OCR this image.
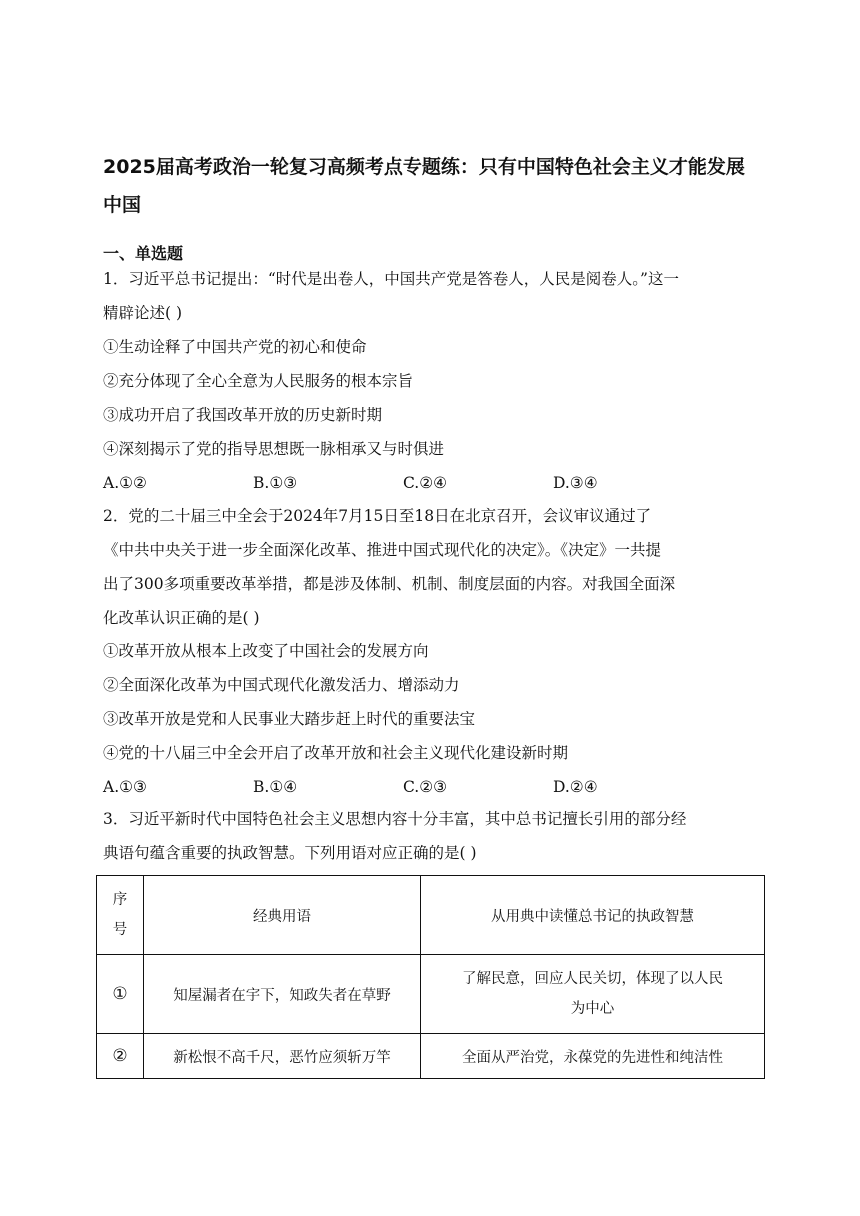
2025届高考政治一轮复习高频考点专题练：只有中国特色社会主义才能发展中国
一、单选题
1．习近平总书记提出：“时代是出卷人，中国共产党是答卷人，人民是阅卷人。”这一
精辟论述( )
①生动诠释了中国共产党的初心和使命
②充分体现了全心全意为人民服务的根本宗旨
③成功开启了我国改革开放的历史新时期
④深刻揭示了党的指导思想既一脉相承又与时俱进
A.①②	B.①③	C.②④	D.③④
2．党的二十届三中全会于2024年7月15日至18日在北京召开，会议审议通过了
《中共中央关于进一步全面深化改革、推进中国式现代化的决定》。《决定》一共提
出了300多项重要改革举措，都是涉及体制、机制、制度层面的内容。对我国全面深
化改革认识正确的是( )
①改革开放从根本上改变了中国社会的发展方向
②全面深化改革为中国式现代化激发活力、增添动力
③改革开放是党和人民事业大踏步赶上时代的重要法宝
④党的十八届三中全会开启了改革开放和社会主义现代化建设新时期
A.①③	B.①④	C.②③	D.②④
3．习近平新时代中国特色社会主义思想内容十分丰富，其中总书记擅长引用的部分经
典语句蕴含重要的执政智慧。下列用语对应正确的是( )
序
号	经典用语	从用典中读懂总书记的执政智慧
①	知屋漏者在宇下，知政失者在草野	了解民意，回应人民关切，体现了以人民
为中心

②	新松恨不高千尺，恶竹应须斩万竿	全面从严治党，永葆党的先进性和纯洁性
